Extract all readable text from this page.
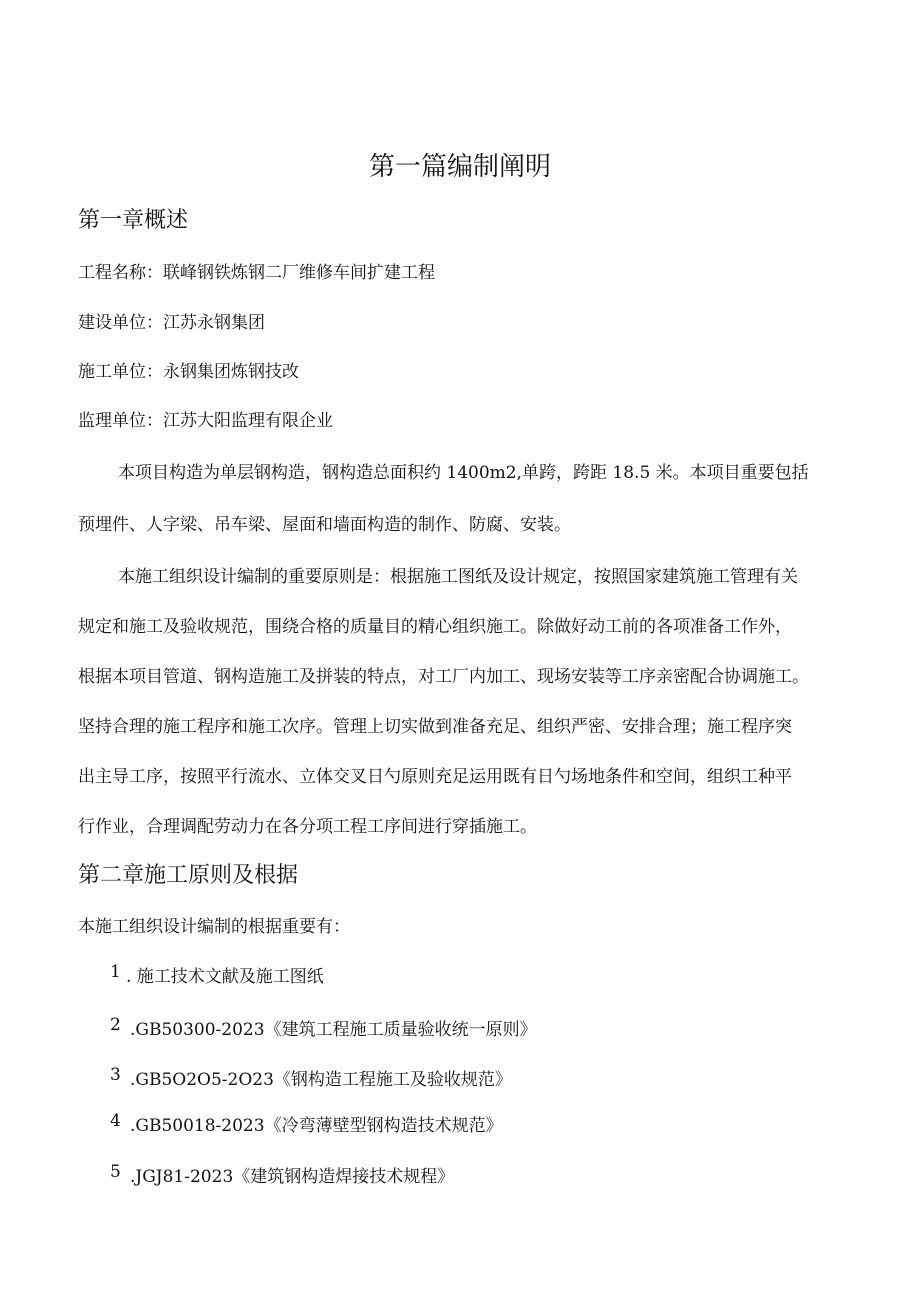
第一篇编制阐明
第一章概述
工程名称：联峰钢铁炼钢二厂维修车间扩建工程
建设单位：江苏永钢集团
施工单位：永钢集团炼钢技改
监理单位：江苏大阳监理有限企业
本项目构造为单层钢构造，钢构造总面积约 1400m2,单跨，跨距 18.5 米。本项目重要包括
预埋件、人字梁、吊车梁、屋面和墙面构造的制作、防腐、安装。
本施工组织设计编制的重要原则是：根据施工图纸及设计规定，按照国家建筑施工管理有关
规定和施工及验收规范，围绕合格的质量目的精心组织施工。除做好动工前的各项准备工作外，
根据本项目管道、钢构造施工及拼装的特点，对工厂内加工、现场安装等工序亲密配合协调施工。
坚持合理的施工程序和施工次序。管理上切实做到准备充足、组织严密、安排合理；施工程序突
出主导工序，按照平行流水、立体交叉日勺原则充足运用既有日勺场地条件和空间，组织工种平
行作业，合理调配劳动力在各分项工程工序间进行穿插施工。
第二章施工原则及根据
本施工组织设计编制的根据重要有：
1 . 施工技术文献及施工图纸
2 .GB50300-2023《建筑工程施工质量验收统一原则》
3 .GB5O2O5-2O23《钢构造工程施工及验收规范》
4 .GB50018-2023《冷弯薄壁型钢构造技术规范》
5 .JGJ81-2023《建筑钢构造焊接技术规程》
